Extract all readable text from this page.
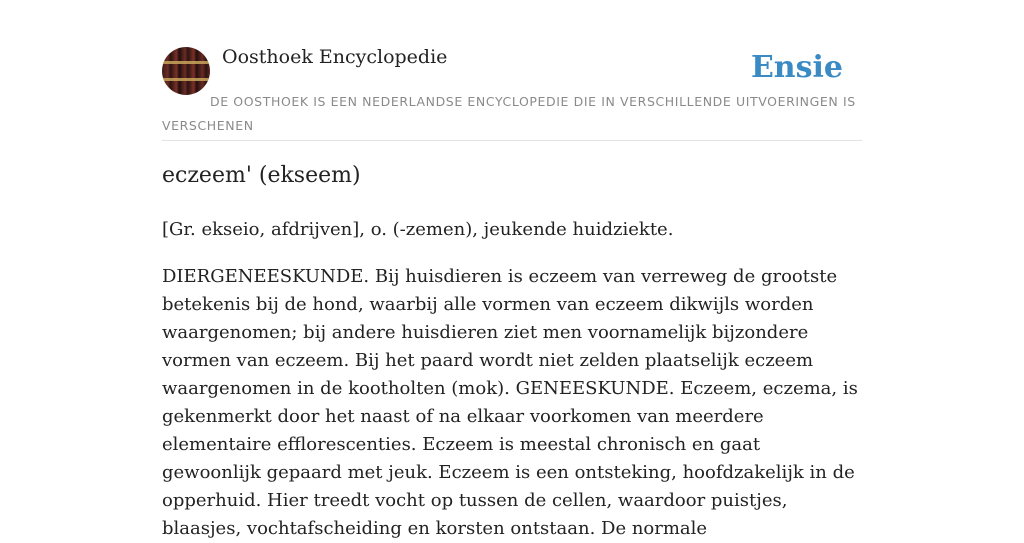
Oosthoek Encyclopedie	Ensie
DE OOSTHOEK IS EEN NEDERLANDSE ENCYCLOPEDIE DIE IN VERSCHILLENDE UITVOERINGEN IS VERSCHENEN
eczeem' (ekseem)

[Gr. ekseio, afdrijven], o. (-zemen), jeukende huidziekte.

DIERGENEESKUNDE. Bij huisdieren is eczeem van verreweg de grootste betekenis bij de hond, waarbij alle vormen van eczeem dikwijls worden waargenomen; bij andere huisdieren ziet men voornamelijk bijzondere vormen van eczeem. Bij het paard wordt niet zelden plaatselijk eczeem waargenomen in de kootholten (mok). GENEESKUNDE. Eczeem, eczema, is gekenmerkt door het naast of na elkaar voorkomen van meerdere elementaire efflorescenties. Eczeem is meestal chronisch en gaat gewoonlijk gepaard met jeuk. Eczeem is een ontsteking, hoofdzakelijk in de opperhuid. Hier treedt vocht op tussen de cellen, waardoor puistjes, blaasjes, vochtafscheiding en korsten ontstaan. De normale
